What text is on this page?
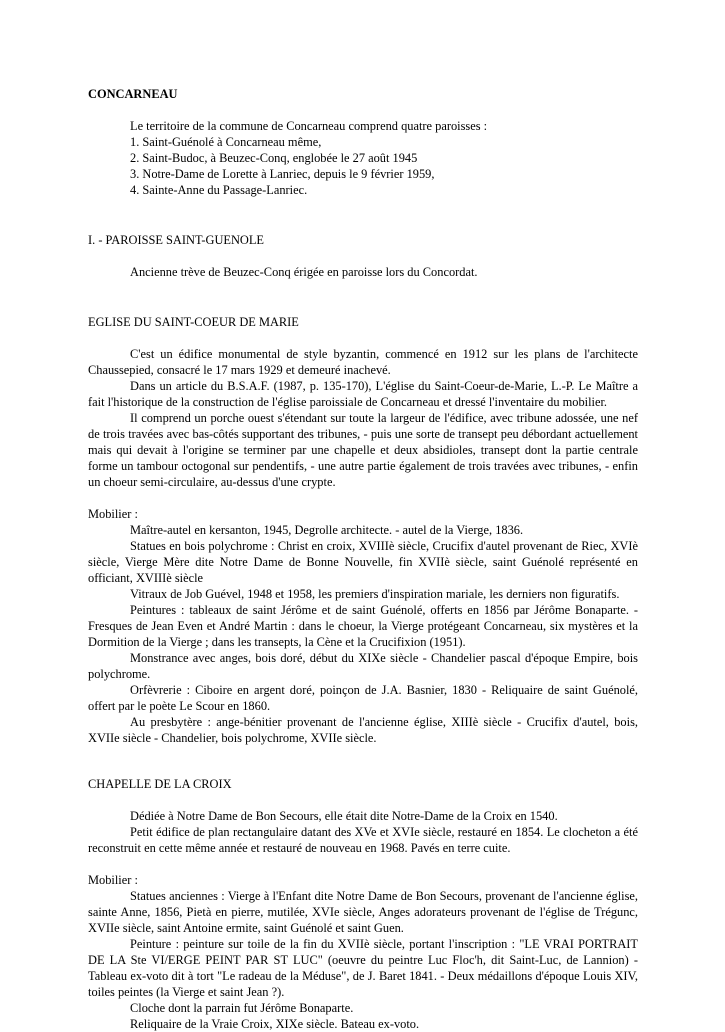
CONCARNEAU

Le territoire de la commune de Concarneau comprend quatre paroisses :
1. Saint-Guénolé à Concarneau même,
2. Saint-Budoc, à Beuzec-Conq, englobée le 27 août 1945
3. Notre-Dame de Lorette à Lanriec, depuis le 9 février 1959,
4. Sainte-Anne du Passage-Lanriec.

I. - PAROISSE SAINT-GUENOLE

Ancienne trève de Beuzec-Conq érigée en paroisse lors du Concordat.

EGLISE DU SAINT-COEUR DE MARIE

C'est un édifice monumental de style byzantin, commencé en 1912 sur les plans de l'architecte Chaussepied, consacré le 17 mars 1929 et demeuré inachevé.

Dans un article du B.S.A.F. (1987, p. 135-170), L'église du Saint-Coeur-de-Marie, L.-P. Le Maître a fait l'historique de la construction de l'église paroissiale de Concarneau et dressé l'inventaire du mobilier.

Il comprend un porche ouest s'étendant sur toute la largeur de l'édifice, avec tribune adossée, une nef de trois travées avec bas-côtés supportant des tribunes, - puis une sorte de transept peu débordant actuellement mais qui devait à l'origine se terminer par une chapelle et deux absidioles, transept dont la partie centrale forme un tambour octogonal sur pendentifs, - une autre partie également de trois travées avec tribunes, - enfin un choeur semi-circulaire, au-dessus d'une crypte.

Mobilier :

Maître-autel en kersanton, 1945, Degrolle architecte. - autel de la Vierge, 1836.

Statues en bois polychrome : Christ en croix, XVIIIè siècle, Crucifix d'autel provenant de Riec, XVIè siècle, Vierge Mère dite Notre Dame de Bonne Nouvelle, fin XVIIè siècle, saint Guénolé représenté en officiant, XVIIIè siècle

Vitraux de Job Guével, 1948 et 1958, les premiers d'inspiration mariale, les derniers non figuratifs.

Peintures : tableaux de saint Jérôme et de saint Guénolé, offerts en 1856 par Jérôme Bonaparte. - Fresques de Jean Even et André Martin : dans le choeur, la Vierge protégeant Concarneau, six mystères et la Dormition de la Vierge ; dans les transepts, la Cène et la Crucifixion (1951).

Monstrance avec anges, bois doré, début du XIXe siècle - Chandelier pascal d'époque Empire, bois polychrome.

Orfèvrerie : Ciboire en argent doré, poinçon de J.A. Basnier, 1830 - Reliquaire de saint Guénolé, offert par le poète Le Scour en 1860.

Au presbytère : ange-bénitier provenant de l'ancienne église, XIIIè siècle - Crucifix d'autel, bois, XVIIe siècle - Chandelier, bois polychrome, XVIIe siècle.

CHAPELLE DE LA CROIX

Dédiée à Notre Dame de Bon Secours, elle était dite Notre-Dame de la Croix en 1540.

Petit édifice de plan rectangulaire datant des XVe et XVIe siècle, restauré en 1854. Le clocheton a été reconstruit en cette même année et restauré de nouveau en 1968. Pavés en terre cuite.

Mobilier :

Statues anciennes : Vierge à l'Enfant dite Notre Dame de Bon Secours, provenant de l'ancienne église, sainte Anne, 1856, Pietà en pierre, mutilée, XVIe siècle, Anges adorateurs provenant de l'église de Trégunc, XVIIe siècle, saint Antoine ermite, saint Guénolé et saint Guen.

Peinture : peinture sur toile de la fin du XVIIè siècle, portant l'inscription : "LE VRAI PORTRAIT DE LA Ste VI/ERGE PEINT PAR ST LUC" (oeuvre du peintre Luc Floc'h, dit Saint-Luc, de Lannion) - Tableau ex-voto dit à tort "Le radeau de la Méduse", de J. Baret 1841. - Deux médaillons d'époque Louis XIV, toiles peintes (la Vierge et saint Jean ?).

Cloche dont la parrain fut Jérôme Bonaparte.

Reliquaire de la Vraie Croix, XIXe siècle. Bateau ex-voto.
